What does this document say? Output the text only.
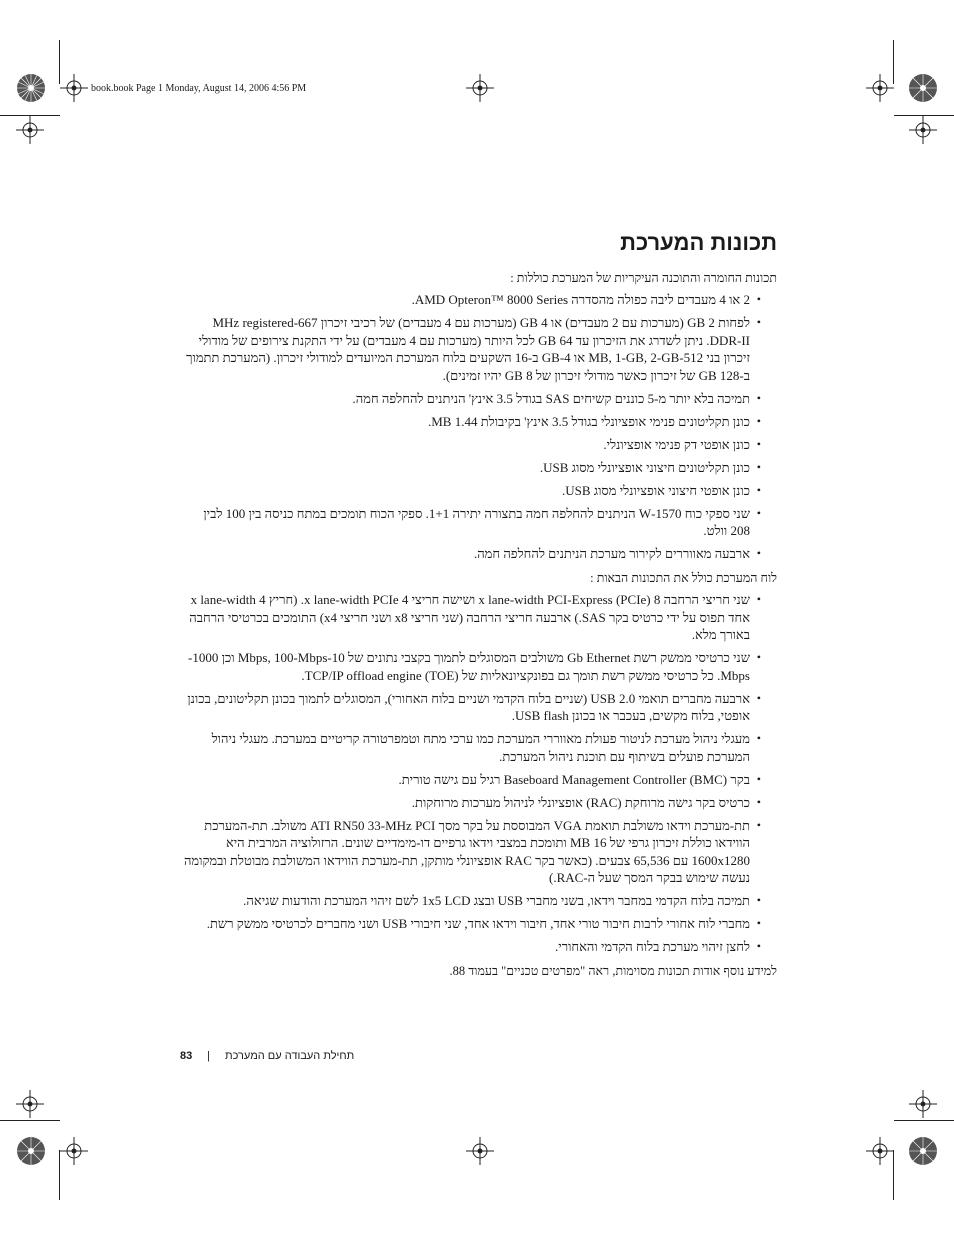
book.book Page 1 Monday, August 14, 2006 4:56 PM
תכונות המערכת

תכונות החומרה והתוכנה העיקריות של המערכת כוללות :

• 2 או 4 מעבדים ליבה כפולה מהסדרה AMD Opteron™ 8000 Series.
• לפחות 2 GB (מערכות עם 2 מעבדים) או 4 GB (מערכות עם 4 מעבדים) של רכיבי זיכרון 667-MHz registered DDR-II. ניתן לשדרג את הזיכרון עד 64 GB לכל היותר (מערכות עם 4 מעבדים) על ידי התקנת צירופים של מודולי זיכרון בני 512-MB, 1-GB, 2-GB או 4-GB ב-16 השקעים בלוח המערכת המיועדים למודולי זיכרון. (המערכת תתמוך ב-128 GB של זיכרון כאשר מודולי זיכרון של 8 GB יהיו זמינים).
• תמיכה בלא יותר מ-5 כוננים קשיחים SAS בגודל 3.5 אינץ' הניתנים להחלפה חמה.
• כונן תקליטונים פנימי אופציונלי בגודל 3.5 אינץ' בקיבולת 1.44 MB.
• כונן אופטי דק פנימי אופציונלי.
• כונן תקליטונים חיצוני אופציונלי מסוג USB.
• כונן אופטי חיצוני אופציונלי מסוג USB.
• שני ספקי כוח 1570-W הניתנים להחלפה חמה בתצורה יתירה 1+1. ספקי הכוח תומכים במתח כניסה בין 100 לבין 208 וולט.
• ארבעה מאווררים לקירור מערכת הניתנים להחלפה חמה.

לוח המערכת כולל את התכונות הבאות :

• שני חריצי הרחבה 8 x lane-width PCI-Express (PCIe) ושישה חריצי 4 x lane-width PCIe. (חריץ 4 x lane-width אחד תפוס על ידי כרטיס בקר SAS.) ארבעה חריצי הרחבה (שני חריצי x8 ושני חריצי x4) התומכים בכרטיסי הרחבה באורך מלא.
• שני כרטיסי ממשק רשת Gb Ethernet משולבים המסוגלים לתמוך בקצבי נתונים של 10-Mbps, 100-Mbps וכן 1000-Mbps. כל כרטיסי ממשק רשת תומך גם בפונקציונאליות של TCP/IP offload engine (TOE).
• ארבעה מחברים תואמי USB 2.0 (שניים בלוח הקדמי ושניים בלוח האחורי), המסוגלים לתמוך בכונן תקליטונים, בכונן אופטי, בלוח מקשים, בעכבר או בכונן USB flash.
• מעגלי ניהול מערכת לניטור פעולת מאווררי המערכת כמו ערכי מתח וטמפרטורה קריטיים במערכת. מעגלי ניהול המערכת פועלים בשיתוף עם תוכנת ניהול המערכת.
• בקר Baseboard Management Controller (BMC) רגיל עם גישה טורית.
• כרטיס בקר גישה מרוחקת (RAC) אופציונלי לניהול מערכות מרוחקות.
• תת-מערכת וידאו משולבת תואמת VGA המבוססת על בקר מסך ATI RN50 33-MHz PCI משולב. תת-המערכת הווידאו כוללת זיכרון גרפי של 16 MB ותומכת במצבי וידאו גרפיים דו-מימדיים שונים. הרזולוציה המרבית היא 1600x1280 עם 65,536 צבעים. (כאשר בקר RAC אופציונלי מותקן, תת-מערכת הווידאו המשולבת מבוטלת ובמקומה נעשה שימוש בבקר המסך שעל ה-RAC.)
• תמיכה בלוח הקדמי במחבר וידאו, בשני מחברי USB ובצג 1x5 LCD לשם זיהוי המערכת והודעות שגיאה.
• מחברי לוח אחורי לרבות חיבור טורי אחד, חיבור וידאו אחד, שני חיבורי USB ושני מחברים לכרטיסי ממשק רשת.
• לחצן זיהוי מערכת בלוח הקדמי והאחורי.

למידע נוסף אודות תכונות מסוימות, ראה "מפרטים טכניים" בעמוד 88.

83 | תחילת העבודה עם המערכת
